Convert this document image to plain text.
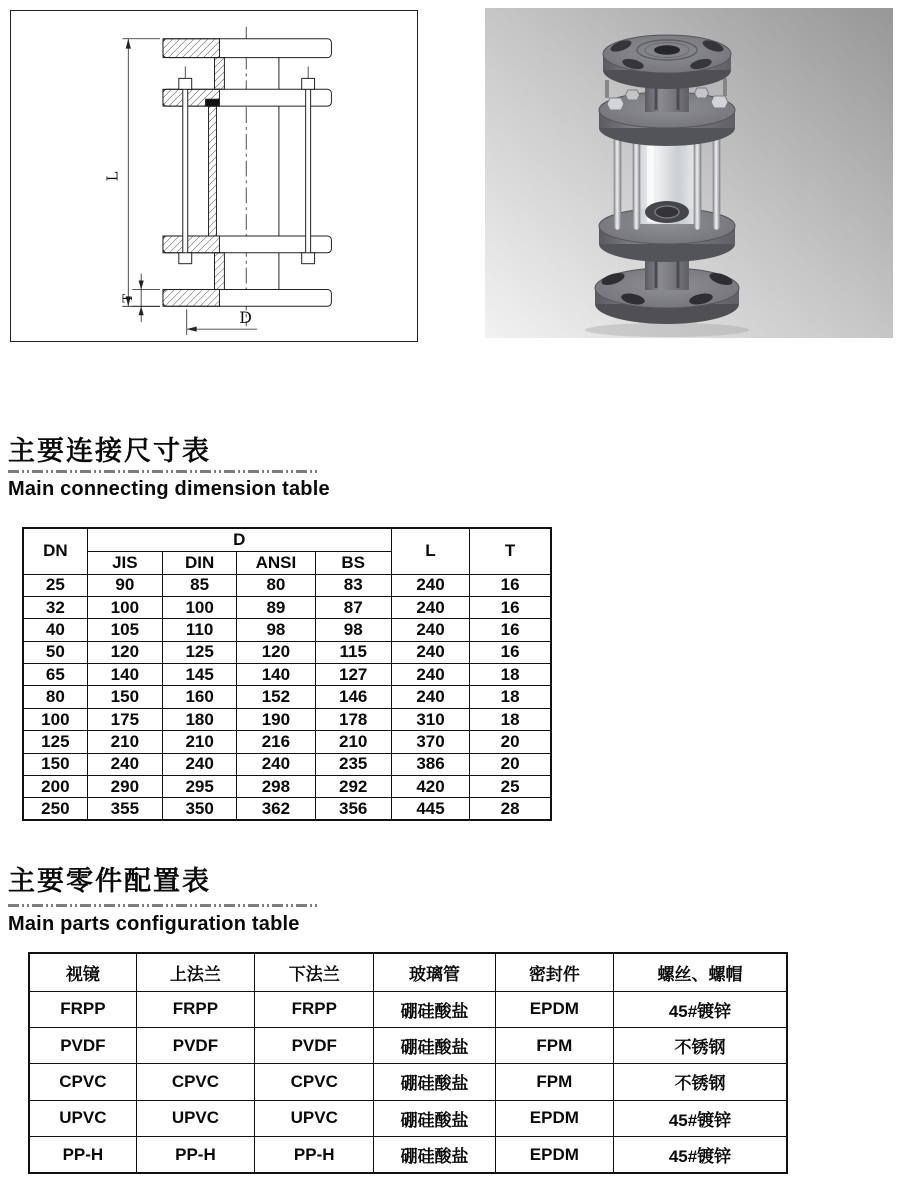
L
T
D
主要连接尺寸表
Main connecting dimension table
DN	D				L	T
	JIS	DIN	ANSI	BS		
25	90	85	80	83	240	16
32	100	100	89	87	240	16
40	105	110	98	98	240	16
50	120	125	120	115	240	16
65	140	145	140	127	240	18
80	150	160	152	146	240	18
100	175	180	190	178	310	18
125	210	210	216	210	370	20
150	240	240	240	235	386	20
200	290	295	298	292	420	25
250	355	350	362	356	445	28
主要零件配置表
Main parts configuration table
视镜	上法兰	下法兰	玻璃管	密封件	螺丝、螺帽
FRPP	FRPP	FRPP	硼硅酸盐	EPDM	45#镀锌
PVDF	PVDF	PVDF	硼硅酸盐	FPM	不锈钢
CPVC	CPVC	CPVC	硼硅酸盐	FPM	不锈钢
UPVC	UPVC	UPVC	硼硅酸盐	EPDM	45#镀锌
PP-H	PP-H	PP-H	硼硅酸盐	EPDM	45#镀锌
